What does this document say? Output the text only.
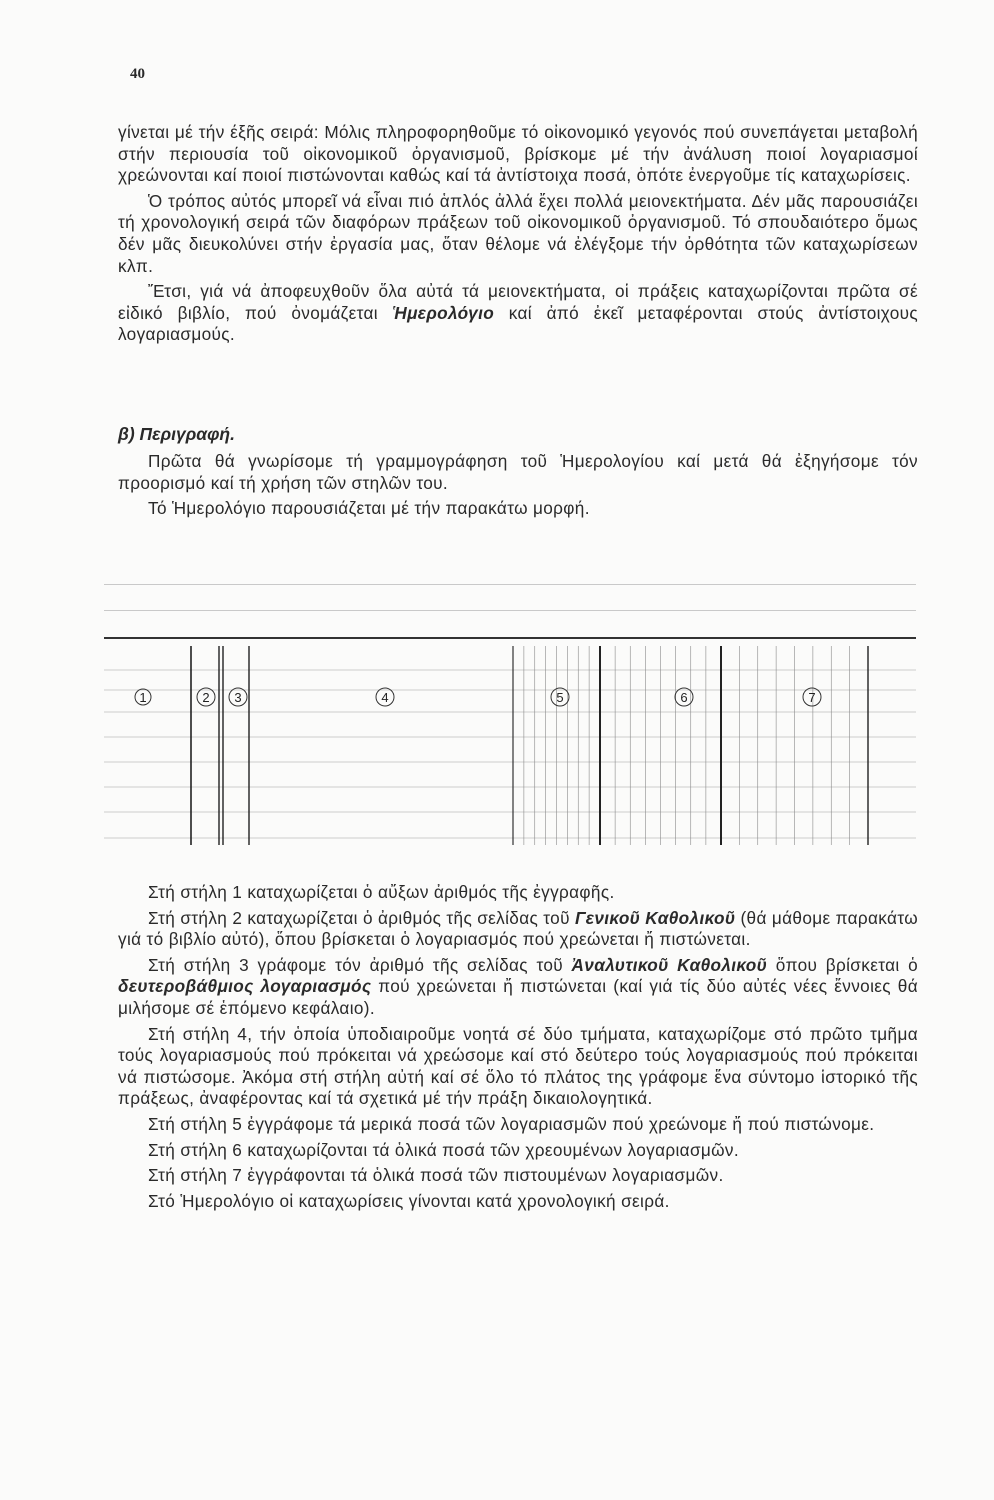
40

γίνεται μέ τήν έξῆς σειρά: Μόλις πληροφορηθοῦμε τό οἰκονομικό γεγονός πού συνεπάγεται μεταβολή στήν περιουσία τοῦ οἰκονομικοῦ ὀργανισμοῦ, βρίσκομε μέ τήν ἀνάλυση ποιοί λογαριασμοί χρεώνονται καί ποιοί πιστώνονται καθώς καί τά ἀντίστοιχα ποσά, ὁπότε ἐνεργοῦμε τίς καταχωρίσεις.

Ὁ τρόπος αὐτός μπορεῖ νά εἶναι πιό ἁπλός ἀλλά ἔχει πολλά μειονεκτήματα. Δέν μᾶς παρουσιάζει τή χρονολογική σειρά τῶν διαφόρων πράξεων τοῦ οἰκονομικοῦ ὀργανισμοῦ. Τό σπουδαιότερο ὅμως δέν μᾶς διευκολύνει στήν ἐργασία μας, ὅταν θέλομε νά ἐλέγξομε τήν ὀρθότητα τῶν καταχωρίσεων κλπ.

Ἔτσι, γιά νά ἀποφευχθοῦν ὅλα αὐτά τά μειονεκτήματα, οἱ πράξεις καταχωρίζονται πρῶτα σέ εἰδικό βιβλίο, πού ὀνομάζεται Ἡμερολόγιο καί ἀπό ἐκεῖ μεταφέρονται στούς ἀντίστοιχους λογαριασμούς.

β) Περιγραφή.

Πρῶτα θά γνωρίσομε τή γραμμογράφηση τοῦ Ἡμερολογίου καί μετά θά ἐξηγήσομε τόν προορισμό καί τή χρήση τῶν στηλῶν του.

Τό Ἡμερολόγιο παρουσιάζεται μέ τήν παρακάτω μορφή.

1	2 3	4	5	6	7

Στή στήλη 1 καταχωρίζεται ὁ αὔξων ἀριθμός τῆς ἐγγραφῆς.

Στή στήλη 2 καταχωρίζεται ὁ ἀριθμός τῆς σελίδας τοῦ Γενικοῦ Καθολικοῦ (θά μάθομε παρακάτω γιά τό βιβλίο αὐτό), ὅπου βρίσκεται ὁ λογαριασμός πού χρεώνεται ἤ πιστώνεται.

Στή στήλη 3 γράφομε τόν ἀριθμό τῆς σελίδας τοῦ Ἀναλυτικοῦ Καθολικοῦ ὅπου βρίσκεται ὁ δευτεροβάθμιος λογαριασμός πού χρεώνεται ἤ πιστώνεται (καί γιά τίς δύο αὐτές νέες ἔννοιες θά μιλήσομε σέ ἑπόμενο κεφάλαιο).

Στή στήλη 4, τήν ὁποία ὑποδιαιροῦμε νοητά σέ δύο τμήματα, καταχωρίζομε στό πρῶτο τμῆμα τούς λογαριασμούς πού πρόκειται νά χρεώσομε καί στό δεύτερο τούς λογαριασμούς πού πρόκειται νά πιστώσομε. Ἀκόμα στή στήλη αὐτή καί σέ ὅλο τό πλάτος της γράφομε ἕνα σύντομο ἱστορικό τῆς πράξεως, ἀναφέροντας καί τά σχετικά μέ τήν πράξη δικαιολογητικά.

Στή στήλη 5 ἐγγράφομε τά μερικά ποσά τῶν λογαριασμῶν πού χρεώνομε ἤ πού πιστώνομε.

Στή στήλη 6 καταχωρίζονται τά ὁλικά ποσά τῶν χρεουμένων λογαριασμῶν.

Στή στήλη 7 ἐγγράφονται τά ὁλικά ποσά τῶν πιστουμένων λογαριασμῶν.

Στό Ἡμερολόγιο οἱ καταχωρίσεις γίνονται κατά χρονολογική σειρά.
